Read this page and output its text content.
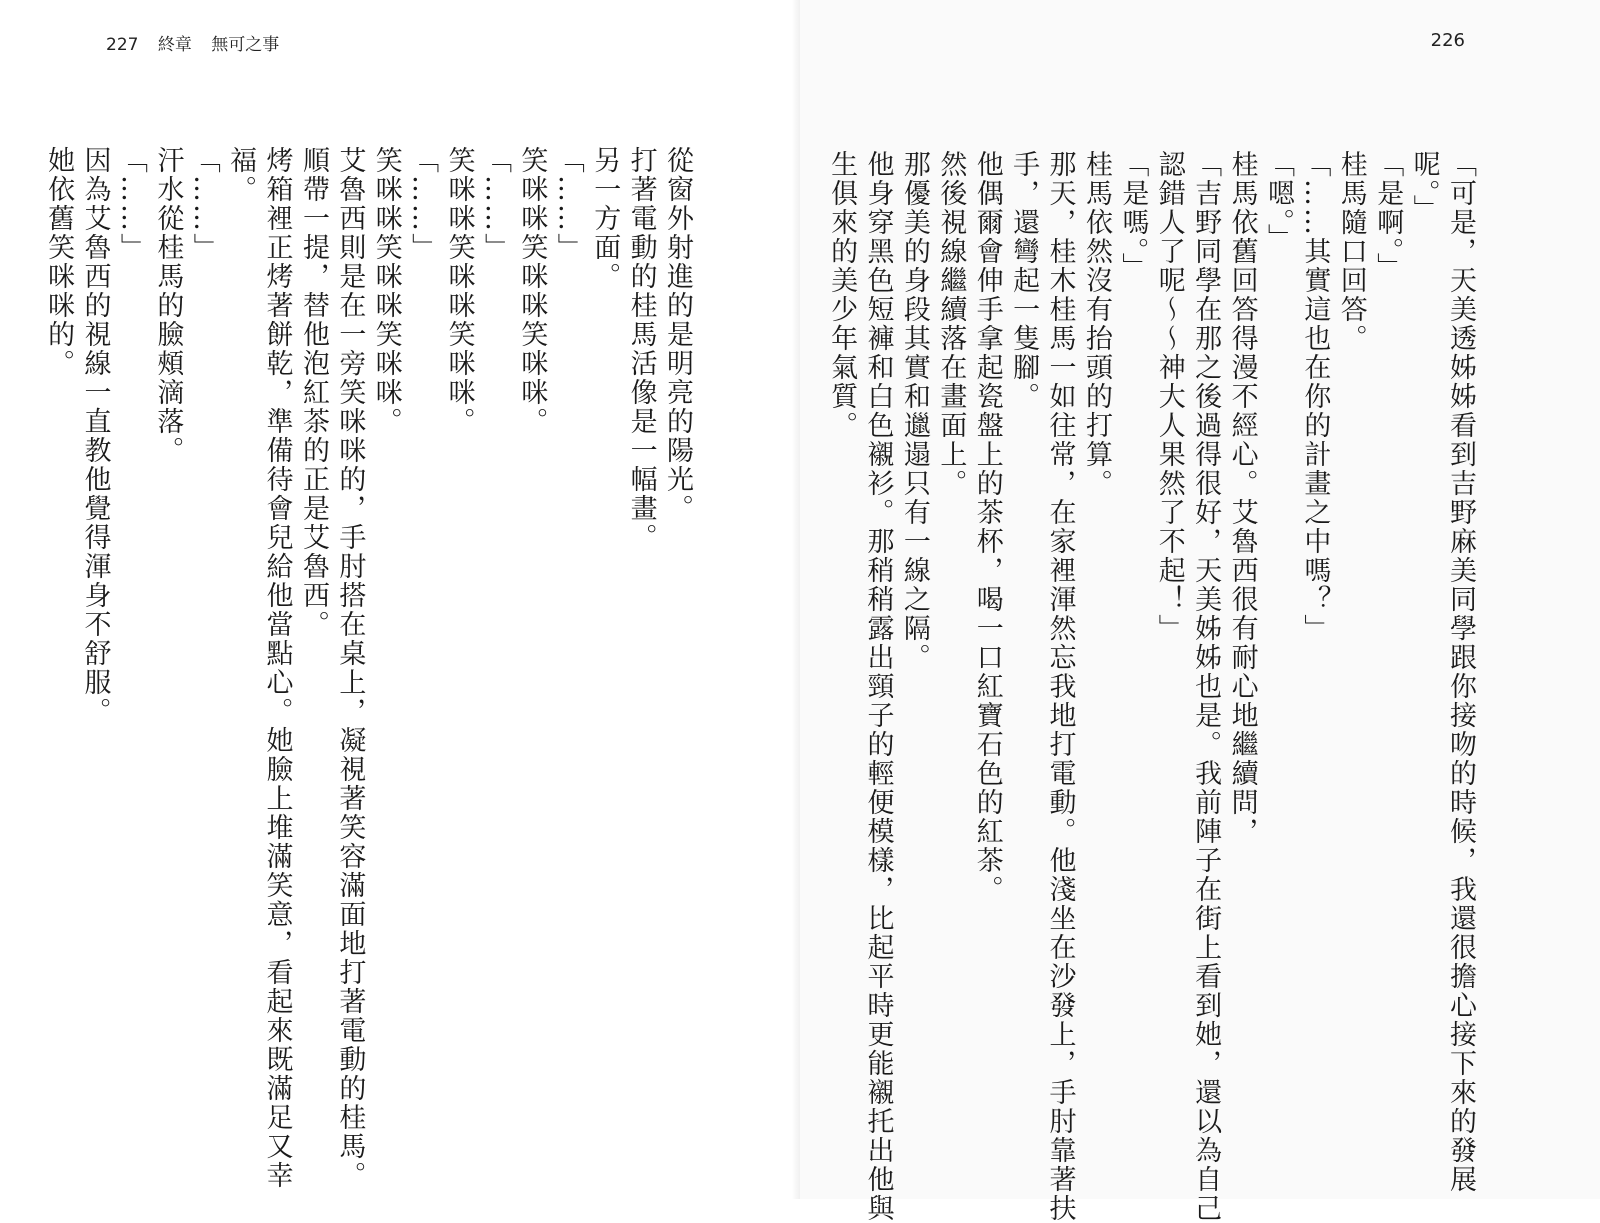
227 終章 無可之事
從窗外射進的是明亮的陽光。
打著電動的桂馬活像是一幅畫。
另一方面。
「……」
笑咪咪笑咪咪笑咪咪。
「……」
笑咪咪笑咪咪笑咪咪。
「……」
笑咪咪笑咪咪笑咪咪。
艾魯西則是在一旁笑咪咪的，手肘搭在桌上，凝視著笑容滿面地打著電動的桂馬。
順帶一提，替他泡紅茶的正是艾魯西。
烤箱裡正烤著餅乾，準備待會兒給他當點心。她臉上堆滿笑意，看起來既滿足又幸
福。
「……」
汗水從桂馬的臉頰滴落。
「……」
因為艾魯西的視線一直教他覺得渾身不舒服。
她依舊笑咪咪的。
226
「可是，天美透姊姊看到吉野麻美同學跟你接吻的時候，我還很擔心接下來的發展
呢。」
「是啊。」
桂馬隨口回答。
「……其實這也在你的計畫之中嗎？」
「嗯。」
桂馬依舊回答得漫不經心。艾魯西很有耐心地繼續問，
「吉野同學在那之後過得很好，天美姊姊也是。我前陣子在街上看到她，還以為自己
認錯人了呢～～神大人果然了不起！」
「是嗎。」
桂馬依然沒有抬頭的打算。
那天，桂木桂馬一如往常，在家裡渾然忘我地打電動。他淺坐在沙發上，手肘靠著扶
手，還彎起一隻腳。
他偶爾會伸手拿起瓷盤上的茶杯，喝一口紅寶石色的紅茶。
然後視線繼續落在畫面上。
那優美的身段其實和邋遢只有一線之隔。
他身穿黑色短褲和白色襯衫。那稍稍露出頸子的輕便模樣，比起平時更能襯托出他與
生俱來的美少年氣質。
